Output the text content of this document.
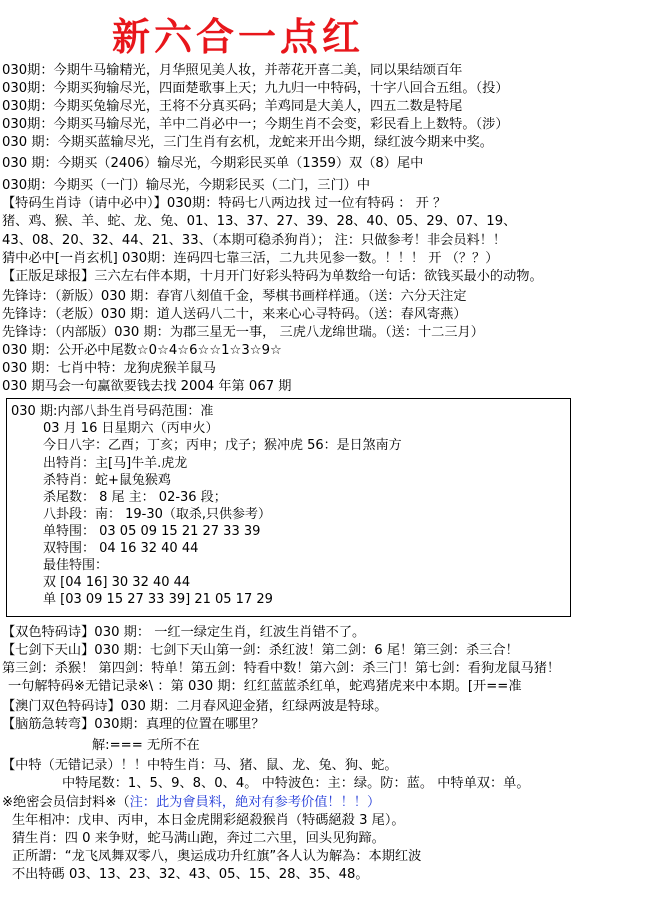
新六合一点红
030期：今期牛马输精光，月华照见美人妆，并蒂花开喜二美，同以果结颂百年
030期：今期买狗输尽光，四面楚歌事上天；九九归一中特码，十字八回合五组。（投）
030期：今期买兔输尽光，王将不分真买码；羊鸡同是大美人，四五二数是特尾
030期：今期买马输尽光，羊中二肖必中一；今期生肖不会变，彩民看上上数特。（涉）
030 期：今期买蓝输尽光，三门生肖有玄机，龙蛇来开出今期，绿红波今期来中奖。
030 期：今期买（2406）输尽光，今期彩民买单（1359）双（8）尾中
030期：今期买（一门）输尽光，今期彩民买（二门，三门）中
【特码生肖诗（请中必中）】030期：特码七八两边找 过一位有特码 ： 开 ？
猪、鸡、猴、羊、蛇、龙、兔、01、13、37、27、39、28、40、05、29、07、19、
43、08、20、32、44、21、33、（本期可稳杀狗肖）； 注：只做参考！非会员料！！
猜中必中[一肖玄机] 030期：连码四七靠三活，二九共见参一数。！！！ 开 （？？）
【正版足球报】三六左右伴本期，十月开门好彩头特码为单数给一句话：欲钱买最小的动物。
先锋诗：（新版）030 期：春宵八刻值千金，琴棋书画样样通。（送：六分天注定
先锋诗：（老版）030 期：道人送码八二十，来来心心寻特码。（送：春风寄燕）
先锋诗：（内部版）030 期：为郡三星无一事， 三虎八龙绵世瑞。（送：十二三月）
030 期：公开必中尾数☆0☆4☆6☆☆1☆3☆9☆
030 期：七肖中特：龙狗虎猴羊鼠马
030 期马会一句赢欲要钱去找 2004 年第 067 期
030 期:内部八卦生肖号码范围：准
03 月 16 日星期六（丙申火）
今日八字：乙酉；丁亥；丙申；戊子；猴冲虎 56：是日煞南方
出特肖：主[马]牛羊.虎龙
杀特肖：蛇+鼠兔猴鸡
杀尾数： 8 尾 主： 02-36 段；
八卦段：南： 19-30（取杀,只供参考）
单特围： 03 05 09 15 21 27 33 39
双特围： 04 16 32 40 44
最佳特围：
双 [04 16] 30 32 40 44
单 [03 09 15 27 33 39] 21 05 17 29
【双色特码诗】030 期： 一红一绿定生肖，红波生肖错不了。
【七剑下天山】030 期：七剑下天山第一剑：杀红波！第二剑：6 尾！第三剑：杀三合！
第三剑：杀猴！ 第四剑：特单！第五剑：特看中数！第六剑：杀三门！第七剑：看狗龙鼠马猪！
一句解特码※无错记录※\ ：第 030 期：红红蓝蓝杀红单，蛇鸡猪虎来中本期。[开==准
【澳门双色特码诗】030 期：二月春风迎金猪，红绿两波是特球。
【脑筋急转弯】030期：真理的位置在哪里？
解:=== 无所不在
【中特（无错记录）！！中特生肖：马、猪、鼠、龙、兔、狗、蛇。
中特尾数：1、5、9、8、0、4。 中特波色：主：绿。防：蓝。 中特单双：单。
※绝密会员信封料※（注：此为會員料，絶对有参考价值！！！）
生年相冲：戊申、丙申，本日金虎開彩絕殺猴肖（特碼絕殺 3 尾）。
猜生肖：四 0 来争财，蛇马满山跑，奔过二六里，回头见狗蹄。
正所謂：“龙飞凤舞双零八，奥运成功升红旗”各人认为解為：本期红波
不出特碼 03、13、23、32、43、05、15、28、35、48。
